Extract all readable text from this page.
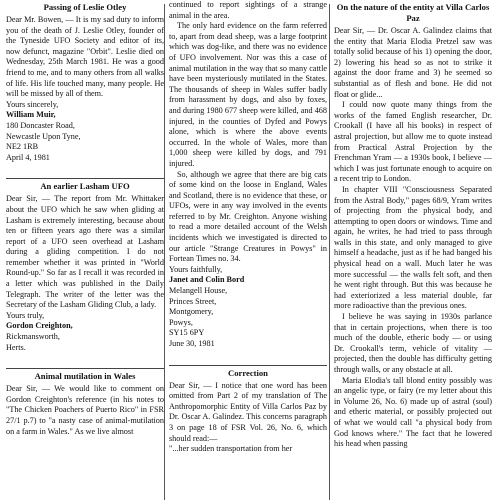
Passing of Leslie Otley

Dear Mr. Bowen, — It is my sad duty to inform you of the death of J. Leslie Otley, founder of the Tyneside UFO Society and editor of its, now defunct, magazine "Orbit". Leslie died on Wednesday, 25th March 1981. He was a good friend to me, and to many others from all walks of life. His life touched many, many people. He will be missed by all of them.

Yours sincerely,
William Muir,
180 Doncaster Road,
Newcastle Upon Tyne,
NE2 1RB
April 4, 1981
An earlier Lasham UFO

Dear Sir, — The report from Mr. Whittaker about the UFO which he saw when gliding at Lasham is extremely interesting, because about ten or fifteen years ago there was a similar report of a UFO seen overhead at Lasham during a gliding competition. I do not remember whether it was printed in "World Round-up." So far as I recall it was recorded in a letter which was published in the Daily Telegraph. The writer of the letter was the Secretary of the Lasham Gliding Club, a lady.

Yours truly,
Gordon Creighton,
Rickmansworth,
Herts.
Animal mutilation in Wales

Dear Sir, — We would like to comment on Gordon Creighton's reference (in his notes to "The Chicken Poachers of Puerto Rico" in FSR 27/1 p.7) to "a nasty case of animal-mutilation on a farm in Wales." As we live almost

continued to report sightings of a strange animal in the area.

The only hard evidence on the farm referred to, apart from dead sheep, was a large footprint which was dog-like, and there was no evidence of UFO involvement. Nor was this a case of animal mutilation in the way that so many cattle have been mysteriously mutilated in the States. The thousands of sheep in Wales suffer badly from harassment by dogs, and also by foxes, and during 1980 677 sheep were killed, and 468 injured, in the counties of Dyfed and Powys alone, which is where the above events occurred. In the whole of Wales, more than 1,000 sheep were killed by dogs, and 791 injured.

So, although we agree that there are big cats of some kind on the loose in England, Wales and Scotland, there is no evidence that these, or UFOs, were in any way involved in the events referred to by Mr. Creighton. Anyone wishing to read a more detailed account of the Welsh incidents which we investigated is directed to our article "Strange Creatures in Powys" in Fortean Times no. 34.

Yours faithfully,
Janet and Colin Bord
Melangell House,
Princes Street,
Montgomery,
Powys,
SY15 6PY
June 30, 1981
Correction

Dear Sir, — I notice that one word has been omitted from Part 2 of my translation of The Anthropomorphic Entity of Villa Carlos Paz by Dr. Oscar A. Galindez. This concerns paragraph 3 on page 18 of FSR Vol. 26, No. 6, which should read:—

"...her sudden transportation from her
On the nature of the entity at Villa Carlos Paz

Dear Sir, — Dr. Oscar A. Galindez claims that the entity that Maria Elodia Pretzel saw was totally solid because of his 1) opening the door, 2) lowering his head so as not to strike it against the door frame and 3) he seemed so substantial as of flesh and bone. He did not float or glide...

I could now quote many things from the works of the famed English researcher, Dr. Crookall (I have all his books) in respect of astral projection, but allow me to quote instead from Practical Astral Projection by the Frenchman Yram — a 1930s book, I believe — which I was just fortunate enough to acquire on a recent trip to London.

In chapter VIII "Consciousness Separated from the Astral Body," pages 68/9, Yram writes of projecting from the physical body, and attempting to open doors or windows. Time and again, he writes, he had tried to pass through walls in this state, and only managed to give himself a headache, just as if he had banged his physical head on a wall. Much later he was more successful — the walls felt soft, and then he went right through. But this was because he had exteriorized a less material double, far more radioactive than the previous ones.

I believe he was saying in 1930s parlance that in certain projections, when there is too much of the double, etheric body — or using Dr. Crookall's term, vehicle of vitality — projected, then the double has difficulty getting through walls, or any obstacle at all.

Maria Elodia's tall blond entity possibly was an angelic type, or fairy (re my letter about this in Volume 26, No. 6) made up of astral (soul) and etheric material, or possibly projected out of what we would call "a physical body from God knows where." The fact that he lowered his head when passing
